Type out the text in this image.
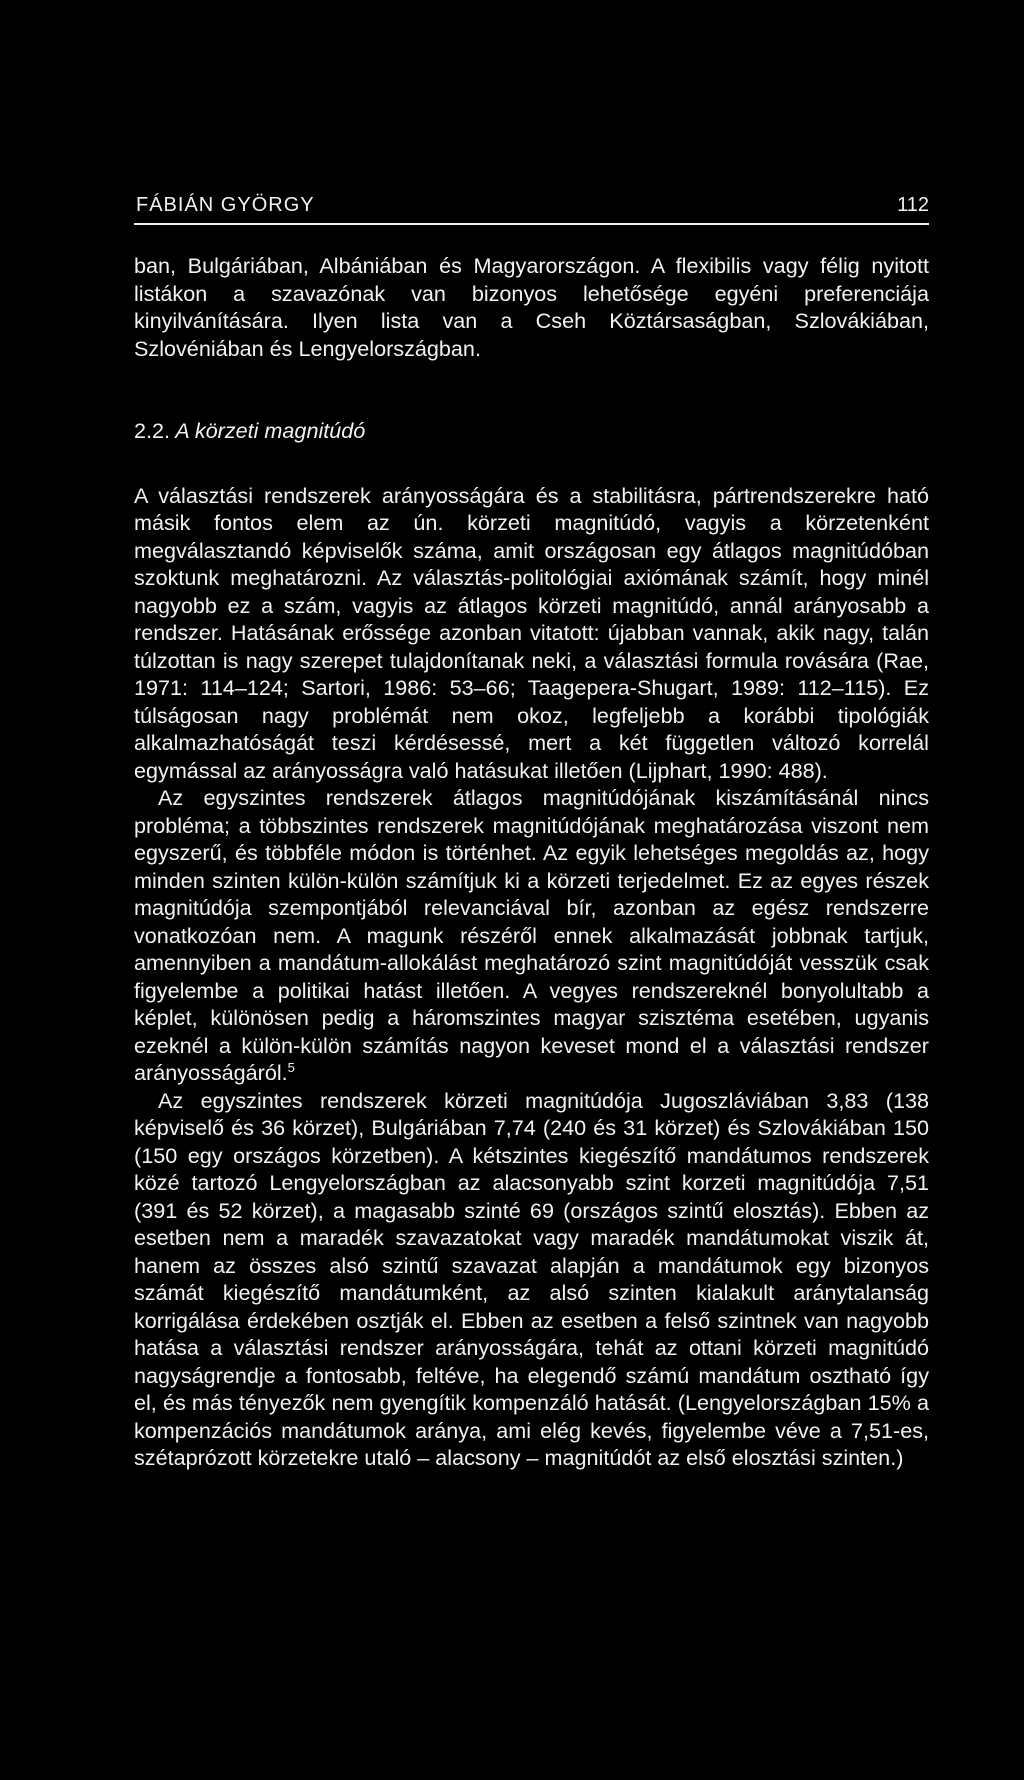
FÁBIÁN GYÖRGY	112

ban, Bulgáriában, Albániában és Magyarországon. A flexibilis vagy félig nyitott listákon a szavazónak van bizonyos lehetősége egyéni preferenciája kinyilvánítására. Ilyen lista van a Cseh Köztársaságban, Szlovákiában, Szlovéniában és Lengyelországban.

2.2. A körzeti magnitúdó

A választási rendszerek arányosságára és a stabilitásra, pártrendszerekre ható másik fontos elem az ún. körzeti magnitúdó, vagyis a körzetenként megválasztandó képviselők száma, amit országosan egy átlagos magnitúdóban szoktunk meghatározni. Az választás-politológiai axiómának számít, hogy minél nagyobb ez a szám, vagyis az átlagos körzeti magnitúdó, annál arányosabb a rendszer. Hatásának erőssége azonban vitatott: újabban vannak, akik nagy, talán túlzottan is nagy szerepet tulajdonítanak neki, a választási formula rovására (Rae, 1971: 114–124; Sartori, 1986: 53–66; Taagepera-Shugart, 1989: 112–115). Ez túlságosan nagy problémát nem okoz, legfeljebb a korábbi tipológiák alkalmazhatóságát teszi kérdésessé, mert a két független változó korrelál egymással az arányosságra való hatásukat illetően (Lijphart, 1990: 488).

Az egyszintes rendszerek átlagos magnitúdójának kiszámításánál nincs probléma; a többszintes rendszerek magnitúdójának meghatározása viszont nem egyszerű, és többféle módon is történhet. Az egyik lehetséges megoldás az, hogy minden szinten külön-külön számítjuk ki a körzeti terjedelmet. Ez az egyes részek magnitúdója szempontjából relevanciával bír, azonban az egész rendszerre vonatkozóan nem. A magunk részéről ennek alkalmazását jobbnak tartjuk, amennyiben a mandátum-allokálást meghatározó szint magnitúdóját vesszük csak figyelembe a politikai hatást illetően. A vegyes rendszereknél bonyolultabb a képlet, különösen pedig a háromszintes magyar szisztéma esetében, ugyanis ezeknél a külön-külön számítás nagyon keveset mond el a választási rendszer arányosságáról.$^5$

Az egyszintes rendszerek körzeti magnitúdója Jugoszláviában 3,83 (138 képviselő és 36 körzet), Bulgáriában 7,74 (240 és 31 körzet) és Szlovákiában 150 (150 egy országos körzetben). A kétszintes kiegészítő mandátumos rendszerek közé tartozó Lengyelországban az alacsonyabb szint korzeti magnitúdója 7,51 (391 és 52 körzet), a magasabb szinté 69 (országos szintű elosztás). Ebben az esetben nem a maradék szavazatokat vagy maradék mandátumokat viszik át, hanem az összes alsó szintű szavazat alapján a mandátumok egy bizonyos számát kiegészítő mandátumként, az alsó szinten kialakult aránytalanság korrigálása érdekében osztják el. Ebben az esetben a felső szintnek van nagyobb hatása a választási rendszer arányosságára, tehát az ottani körzeti magnitúdó nagyságrendje a fontosabb, feltéve, ha elegendő számú mandátum osztható így el, és más tényezők nem gyengítik kompenzáló hatását. (Lengyelországban 15% a kompenzációs mandátumok aránya, ami elég kevés, figyelembe véve a 7,51-es, szétaprózott körzetekre utaló – alacsony – magnitúdót az első elosztási szinten.)
